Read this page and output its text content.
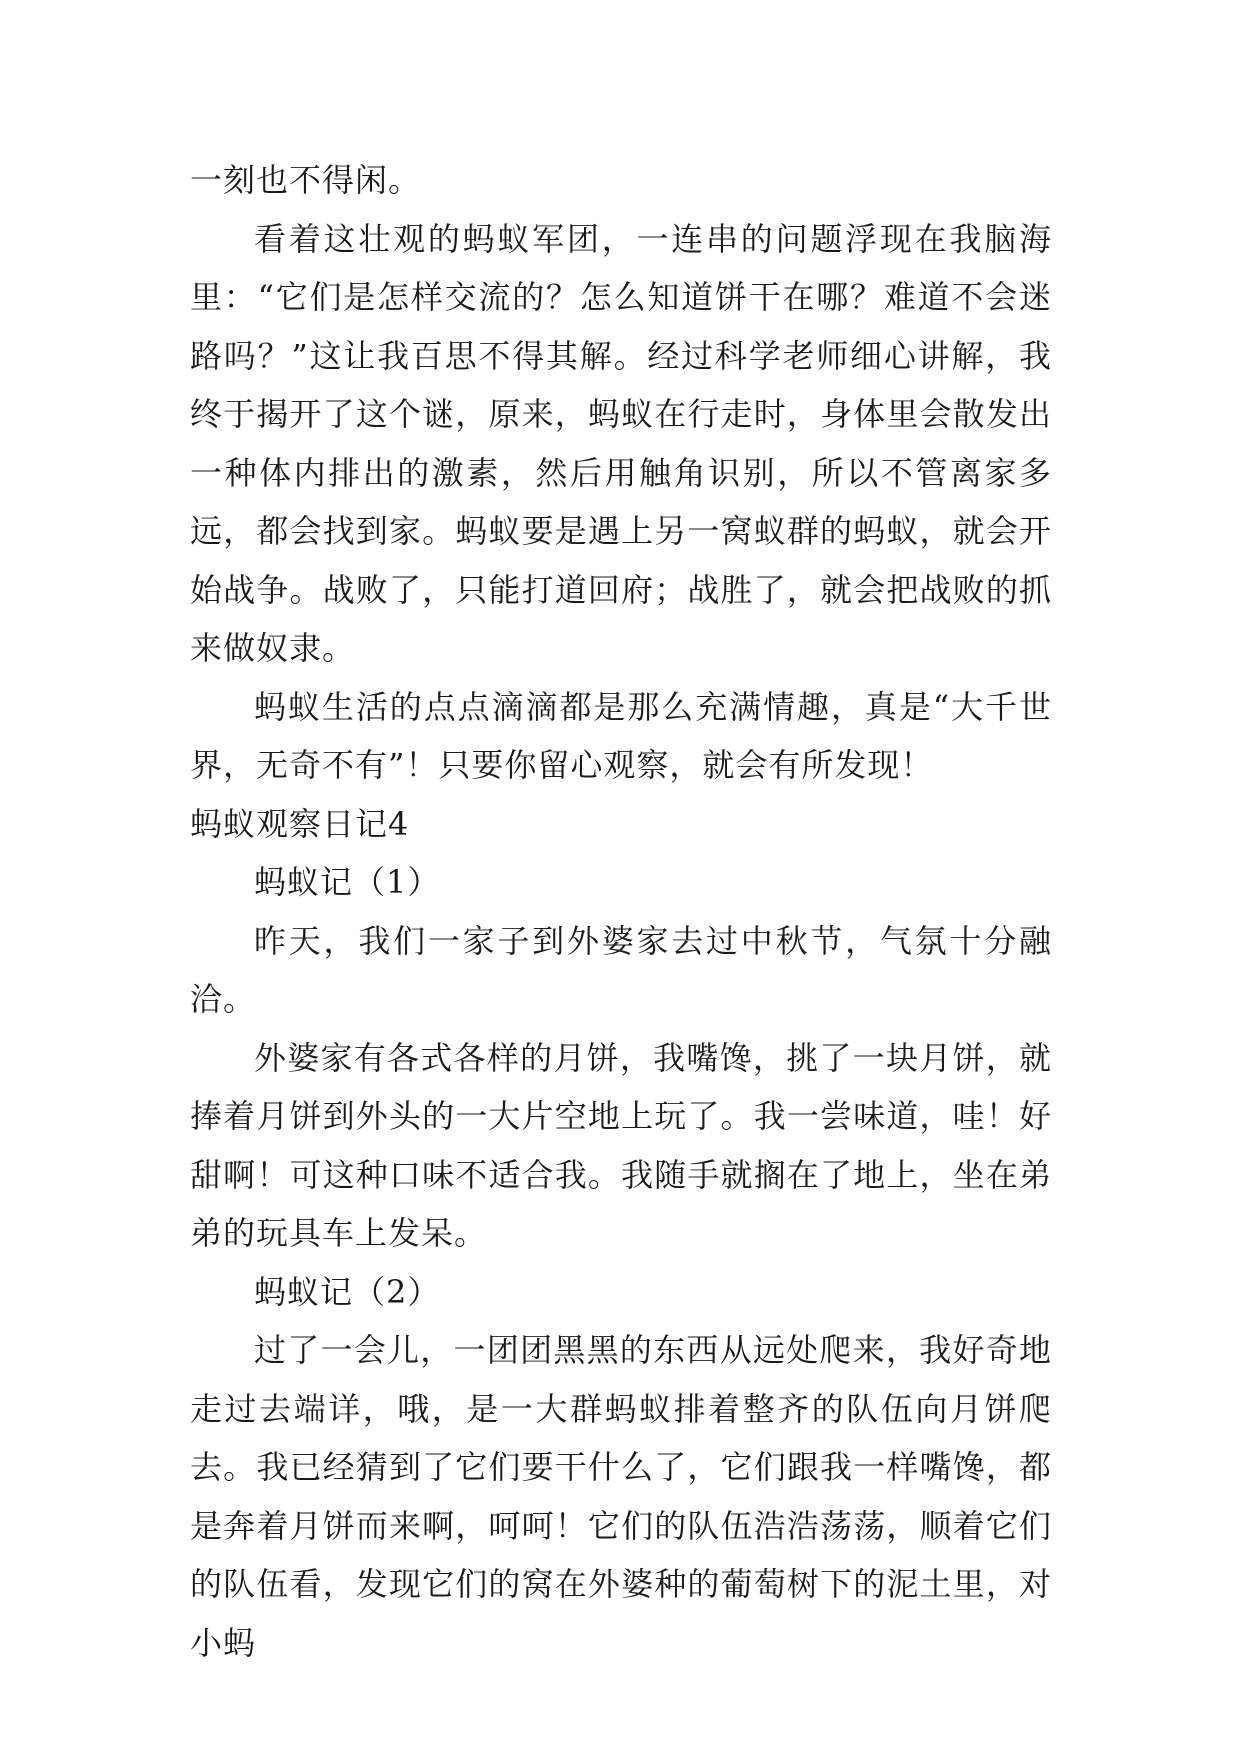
一刻也不得闲。

看着这壮观的蚂蚁军团，一连串的问题浮现在我脑海里：“它们是怎样交流的？怎么知道饼干在哪？难道不会迷路吗？”这让我百思不得其解。经过科学老师细心讲解，我终于揭开了这个谜，原来，蚂蚁在行走时，身体里会散发出一种体内排出的激素，然后用触角识别，所以不管离家多远，都会找到家。蚂蚁要是遇上另一窝蚁群的蚂蚁，就会开始战争。战败了，只能打道回府；战胜了，就会把战败的抓来做奴隶。

蚂蚁生活的点点滴滴都是那么充满情趣，真是“大千世界，无奇不有”！只要你留心观察，就会有所发现！

蚂蚁观察日记4

蚂蚁记（1）

昨天，我们一家子到外婆家去过中秋节，气氛十分融洽。

外婆家有各式各样的月饼，我嘴馋，挑了一块月饼，就捧着月饼到外头的一大片空地上玩了。我一尝味道，哇！好甜啊！可这种口味不适合我。我随手就搁在了地上，坐在弟弟的玩具车上发呆。

蚂蚁记（2）

过了一会儿，一团团黑黑的东西从远处爬来，我好奇地走过去端详，哦，是一大群蚂蚁排着整齐的队伍向月饼爬去。我已经猜到了它们要干什么了，它们跟我一样嘴馋，都是奔着月饼而来啊，呵呵！它们的队伍浩浩荡荡，顺着它们的队伍看，发现它们的窝在外婆种的葡萄树下的泥土里，对小蚂
